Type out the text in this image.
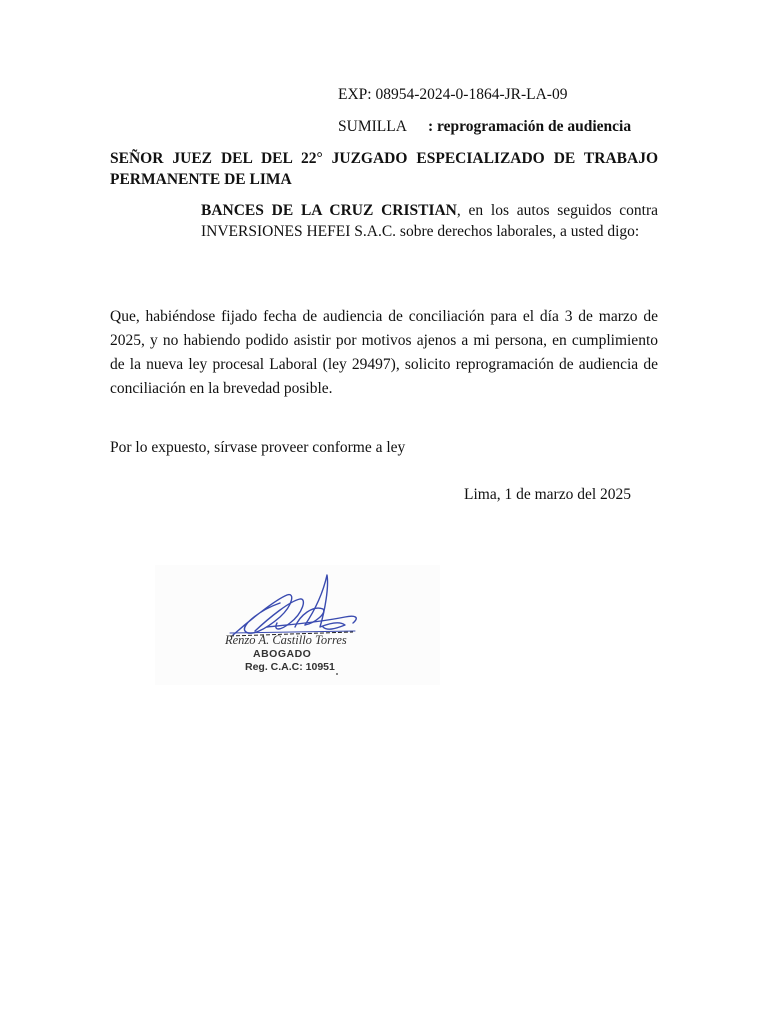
EXP: 08954-2024-0-1864-JR-LA-09
SUMILLA : reprogramación de audiencia
SEÑOR JUEZ DEL DEL 22° JUZGADO ESPECIALIZADO DE TRABAJO
PERMANENTE DE LIMA
BANCES DE LA CRUZ CRISTIAN, en los autos seguidos contra INVERSIONES HEFEI S.A.C. sobre derechos laborales, a usted digo:
Que, habiéndose fijado fecha de audiencia de conciliación para el día 3 de marzo de 2025, y no habiendo podido asistir por motivos ajenos a mi persona, en cumplimiento de la nueva ley procesal Laboral (ley 29497), solicito reprogramación de audiencia de conciliación en la brevedad posible.
Por lo expuesto, sírvase proveer conforme a ley
Lima, 1 de marzo del 2025
Renzo A. Castillo Torres
ABOGADO
Reg. C.A.C: 10951
